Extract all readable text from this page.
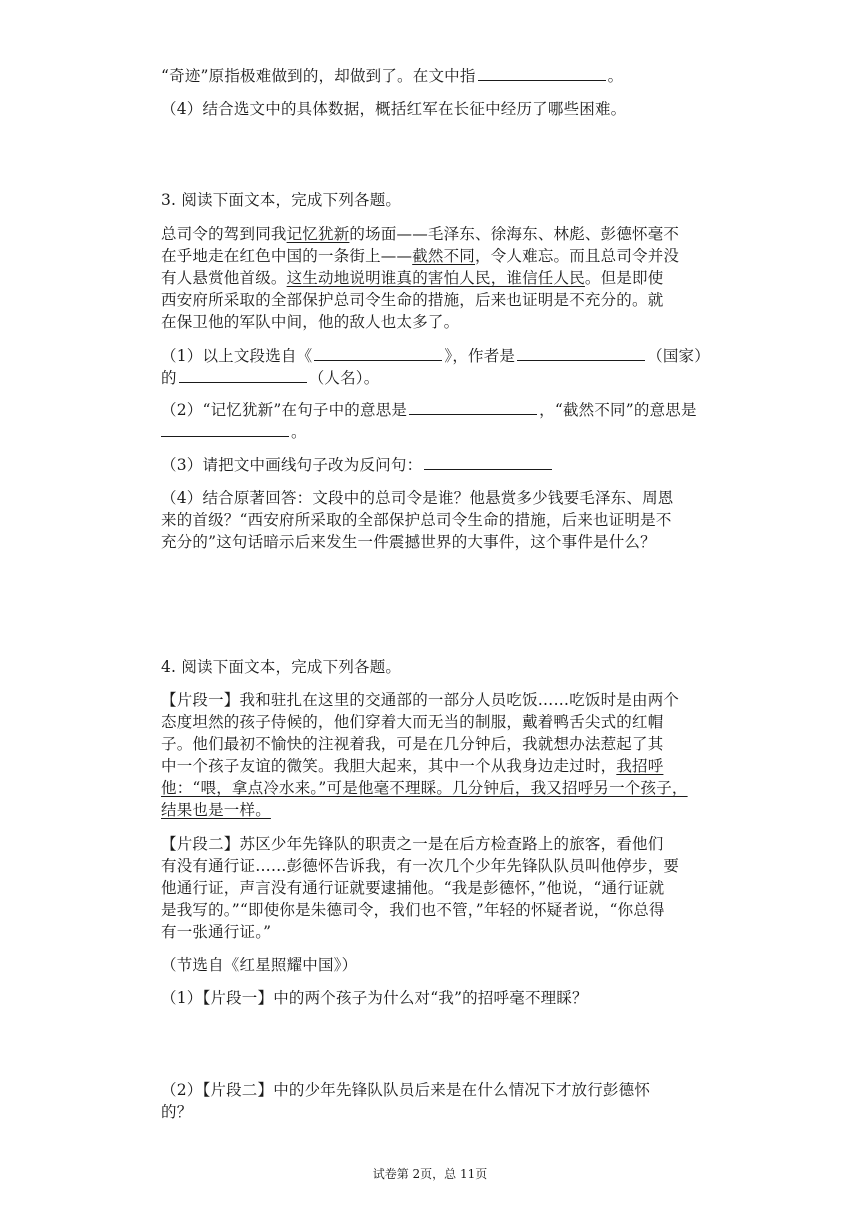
“奇迹”原指极难做到的，却做到了。在文中指	。
（4）结合选文中的具体数据，概括红军在长征中经历了哪些困难。
3. 阅读下面文本，完成下列各题。
总司令的驾到同我记忆犹新的场面——毛泽东、徐海东、林彪、彭德怀毫不
在乎地走在红色中国的一条街上——截然不同，令人难忘。而且总司令并没
有人悬赏他首级。这生动地说明谁真的害怕人民，谁信任人民。但是即使
西安府所采取的全部保护总司令生命的措施，后来也证明是不充分的。就
在保卫他的军队中间，他的敌人也太多了。
（1）以上文段选自《	》，作者是	（国家）
的	（人名）。
（2）“记忆犹新”在句子中的意思是	，“截然不同”的意思是
。
（3）请把文中画线句子改为反问句：
（4）结合原著回答：文段中的总司令是谁？他悬赏多少钱要毛泽东、周恩
来的首级？“西安府所采取的全部保护总司令生命的措施，后来也证明是不
充分的”这句话暗示后来发生一件震撼世界的大事件，这个事件是什么？
4. 阅读下面文本，完成下列各题。
【片段一】我和驻扎在这里的交通部的一部分人员吃饭……吃饭时是由两个
态度坦然的孩子侍候的，他们穿着大而无当的制服，戴着鸭舌尖式的红帽
子。他们最初不愉快的注视着我，可是在几分钟后，我就想办法惹起了其
中一个孩子友谊的微笑。我胆大起来，其中一个从我身边走过时，我招呼
他：“喂，拿点冷水来。”可是他毫不理睬。几分钟后，我又招呼另一个孩子，
结果也是一样。
【片段二】苏区少年先锋队的职责之一是在后方检查路上的旅客，看他们
有没有通行证……彭德怀告诉我，有一次几个少年先锋队队员叫他停步，要
他通行证，声言没有通行证就要逮捕他。“我是彭德怀，”他说，“通行证就
是我写的。”“即使你是朱德司令，我们也不管，”年轻的怀疑者说，“你总得
有一张通行证。”
（节选自《红星照耀中国》）
（1）【片段一】中的两个孩子为什么对“我”的招呼毫不理睬？
（2）【片段二】中的少年先锋队队员后来是在什么情况下才放行彭德怀
的？
试卷第 2页，总 11页
